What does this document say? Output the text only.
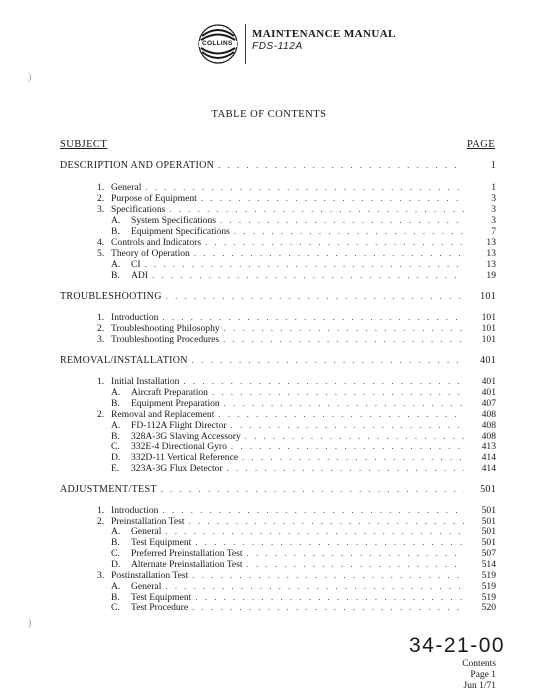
COLLINS
MAINTENANCE MANUAL
FDS-112A
)
)
TABLE OF CONTENTS
SUBJECT	PAGE
DESCRIPTION AND OPERATION . . .	1
1. General . . .	1
2. Purpose of Equipment . . .	3
3. Specifications . . .	3
A. System Specifications . . .	3
B. Equipment Specifications . . .	7
4. Controls and Indicators . . .	13
5. Theory of Operation . . .	13
A. CI . . .	13
B. ADI . . .	19
TROUBLESHOOTING . . .	101
1. Introduction . . .	101
2. Troubleshooting Philosophy . . .	101
3. Troubleshooting Procedures . . .	101
REMOVAL/INSTALLATION . . .	401
1. Initial Installation . . .	401
A. Aircraft Preparation . . .	401
B. Equipment Preparation . . .	407
2. Removal and Replacement . . .	408
A. FD-112A Flight Director . . .	408
B. 328A-3G Slaving Accessory . . .	408
C. 332E-4 Directional Gyro . . .	413
D. 332D-11 Vertical Reference . . .	414
E. 323A-3G Flux Detector . . .	414
ADJUSTMENT/TEST . . .	501
1. Introduction . . .	501
2. Preinstallation Test . . .	501
A. General . . .	501
B. Test Equipment . . .	501
C. Preferred Preinstallation Test . . .	507
D. Alternate Preinstallation Test . . .	514
3. Postinstallation Test . . .	519
A. General . . .	519
B. Test Equipment . . .	519
C. Test Procedure . . .	520
34-21-00
Contents
Page 1
Jun 1/71
